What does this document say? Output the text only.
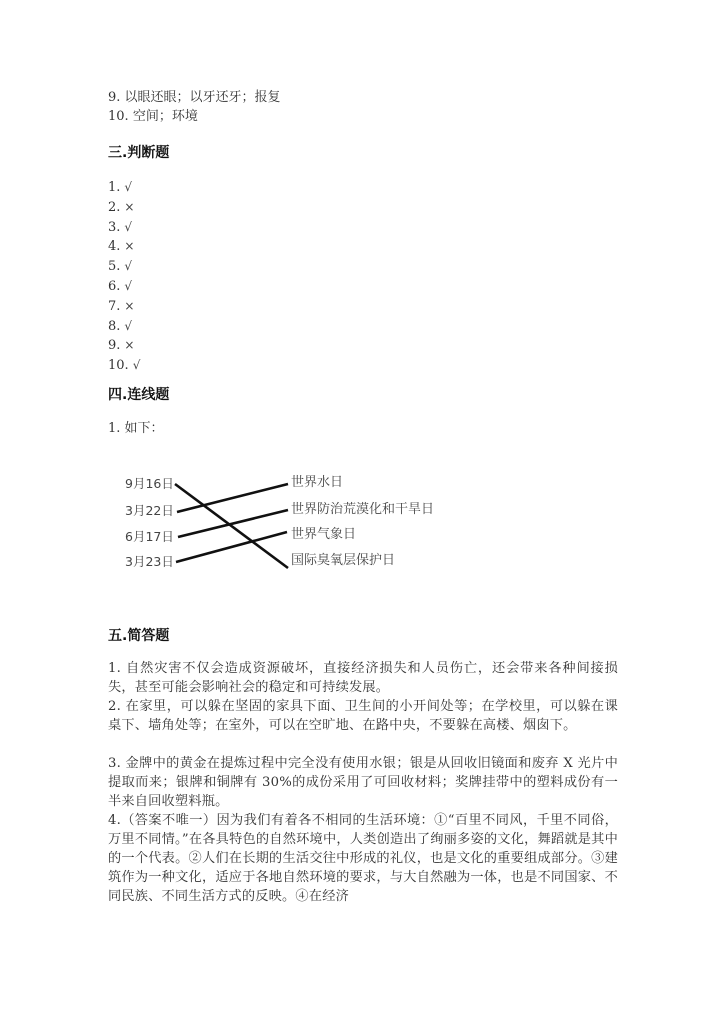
9. 以眼还眼；以牙还牙；报复
10. 空间；环境
三.判断题
1. √
2. ×
3. √
4. ×
5. √
6. √
7. ×
8. √
9. ×
10. √
四.连线题
1. 如下：
五.简答题
1. 自然灾害不仅会造成资源破坏，直接经济损失和人员伤亡，还会带来各种间接损失，甚至可能会影响社会的稳定和可持续发展。
2. 在家里，可以躲在坚固的家具下面、卫生间的小开间处等；在学校里，可以躲在课桌下、墙角处等；在室外，可以在空旷地、在路中央，不要躲在高楼、烟囱下。
3. 金牌中的黄金在提炼过程中完全没有使用水银；银是从回收旧镜面和废弃 X 光片中提取而来；银牌和铜牌有 30%的成份采用了可回收材料；奖牌挂带中的塑料成份有一半来自回收塑料瓶。
4.（答案不唯一）因为我们有着各不相同的生活环境：①“百里不同风，千里不同俗，万里不同情。”在各具特色的自然环境中，人类创造出了绚丽多姿的文化，舞蹈就是其中的一个代表。②人们在长期的生活交往中形成的礼仪，也是文化的重要组成部分。③建筑作为一种文化，适应于各地自然环境的要求，与大自然融为一体，也是不同国家、不同民族、不同生活方式的反映。④在经济
9月16日
3月22日
6月17日
3月23日
世界水日
世界防治荒漠化和干旱日
世界气象日
国际臭氧层保护日
